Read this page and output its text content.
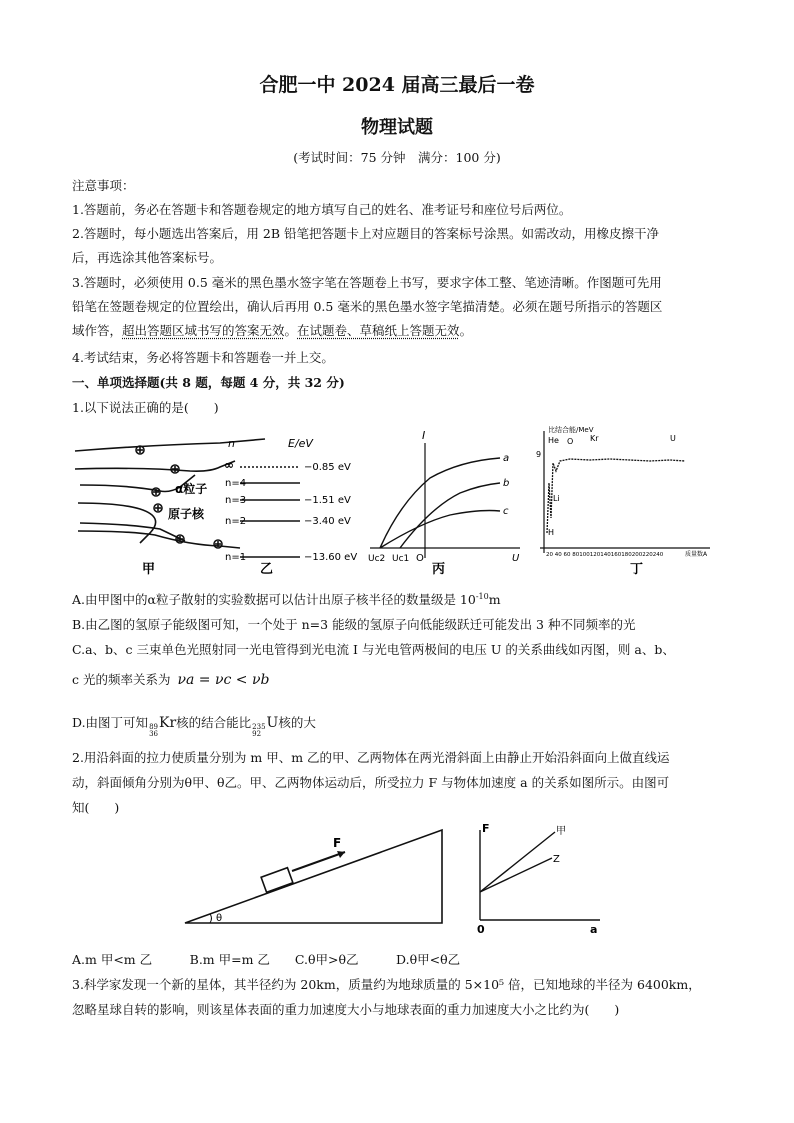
合肥一中 2024 届高三最后一卷
物理试题
(考试时间：75 分钟　满分：100 分)
注意事项：
1.答题前，务必在答题卡和答题卷规定的地方填写自己的姓名、准考证号和座位号后两位。
2.答题时，每小题选出答案后，用 2B 铅笔把答题卡上对应题目的答案标号涂黑。如需改动，用橡皮擦干净
后，再选涂其他答案标号。
3.答题时，必须使用 0.5 毫米的黑色墨水签字笔在答题卷上书写，要求字体工整、笔迹清晰。作图题可先用
铅笔在签题卷规定的位置绘出，确认后再用 0.5 毫米的黑色墨水签字笔描清楚。必须在题号所指示的答题区
域作答，超出答题区域书写的答案无效。在试题卷、草稿纸上答题无效。
4.考试结束，务必将答题卡和答题卷一并上交。
一、单项选择题(共 8 题，每题 4 分，共 32 分)
1.以下说法正确的是(　　)
α粒子
原子核
甲
n	E/eV
∞
n=4
n=3
n=2
n=1
−0.85 eV
−1.51 eV
−3.40 eV
−13.60 eV
乙
I
U
O
Uc2 Uc1
a
b
c
丙
比结合能/MeV
9
He O Kr	U
Li
H
20 40 60 80100120140160180200220240	质量数A
丁
A.由甲图中的α粒子散射的实验数据可以估计出原子核半径的数量级是 $10^{-10}m$
B.由乙图的氢原子能级图可知，一个处于 n=3 能级的氢原子向低能级跃迁可能发出 3 种不同频率的光
C.a、b、c 三束单色光照射同一光电管得到光电流 I 与光电管两极间的电压 U 的关系曲线如丙图，则 a、b、
c 光的频率关系为 νa = νc < νb
D.由图丁可知 89
36
Kr核的结合能比 235
92
U核的大
2.用沿斜面的拉力使质量分别为 m 甲、m 乙的甲、乙两物体在两光滑斜面上由静止开始沿斜面向上做直线运
动，斜面倾角分别为θ甲、θ乙。甲、乙两物体运动后，所受拉力 F 与物体加速度 a 的关系如图所示。由图可
知(　　)
F
θ
F
a
0
甲
Z
A.m 甲<m 乙　　　B.m 甲=m 乙　　C.θ甲>θ乙　　　D.θ甲<θ乙
3.科学家发现一个新的星体，其半径约为 20km，质量约为地球质量的 5×10⁵ 倍，已知地球的半径为 6400km，
忽略星球自转的影响，则该星体表面的重力加速度大小与地球表面的重力加速度大小之比约为(　　)
